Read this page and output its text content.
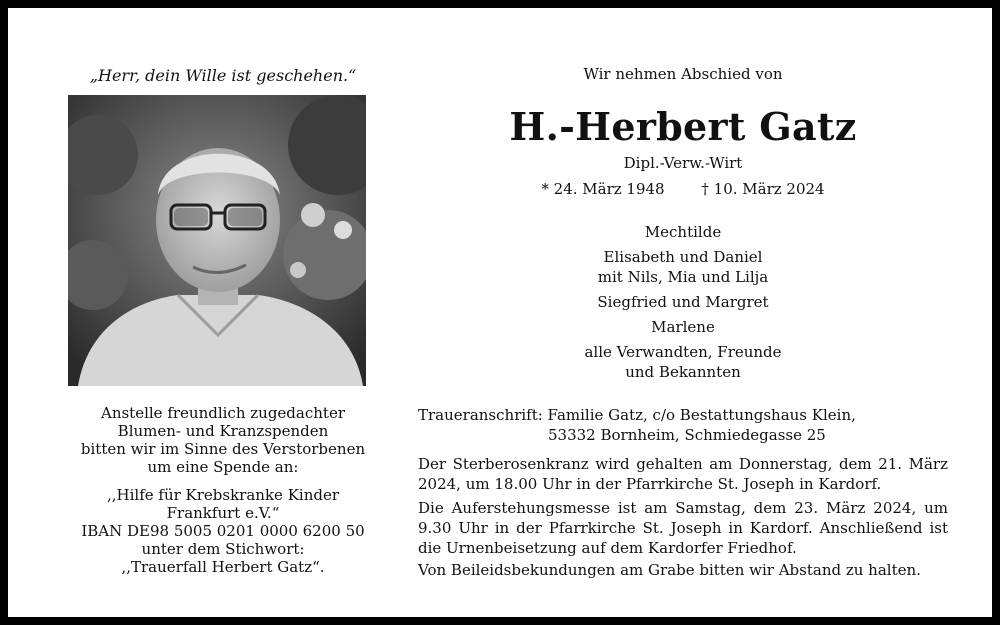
„Herr, dein Wille ist geschehen.“

Anstelle freundlich zugedachter
Blumen- und Kranzspenden
bitten wir im Sinne des Verstorbenen
um eine Spende an:

,,Hilfe für Krebskranke Kinder
Frankfurt e.V.“
IBAN DE98 5005 0201 0000 6200 50
unter dem Stichwort:
,,Trauerfall Herbert Gatz“.

Wir nehmen Abschied von
H.-Herbert Gatz
Dipl.-Verw.-Wirt
* 24. März 1948 † 10. März 2024
Mechtilde
Elisabeth und Daniel
mit Nils, Mia und Lilja
Siegfried und Margret
Marlene
alle Verwandten, Freunde
und Bekannten
Traueranschrift: Familie Gatz, c/o Bestattungshaus Klein,
53332 Bornheim, Schmiedegasse 25
Der Sterberosenkranz wird gehalten am Donnerstag, dem 21. März 2024, um 18.00 Uhr in der Pfarrkirche St. Joseph in Kardorf.
Die Auferstehungsmesse ist am Samstag, dem 23. März 2024, um 9.30 Uhr in der Pfarrkirche St. Joseph in Kardorf. Anschließend ist die Urnenbeisetzung auf dem Kardorfer Friedhof.
Von Beileidsbekundungen am Grabe bitten wir Abstand zu halten.
